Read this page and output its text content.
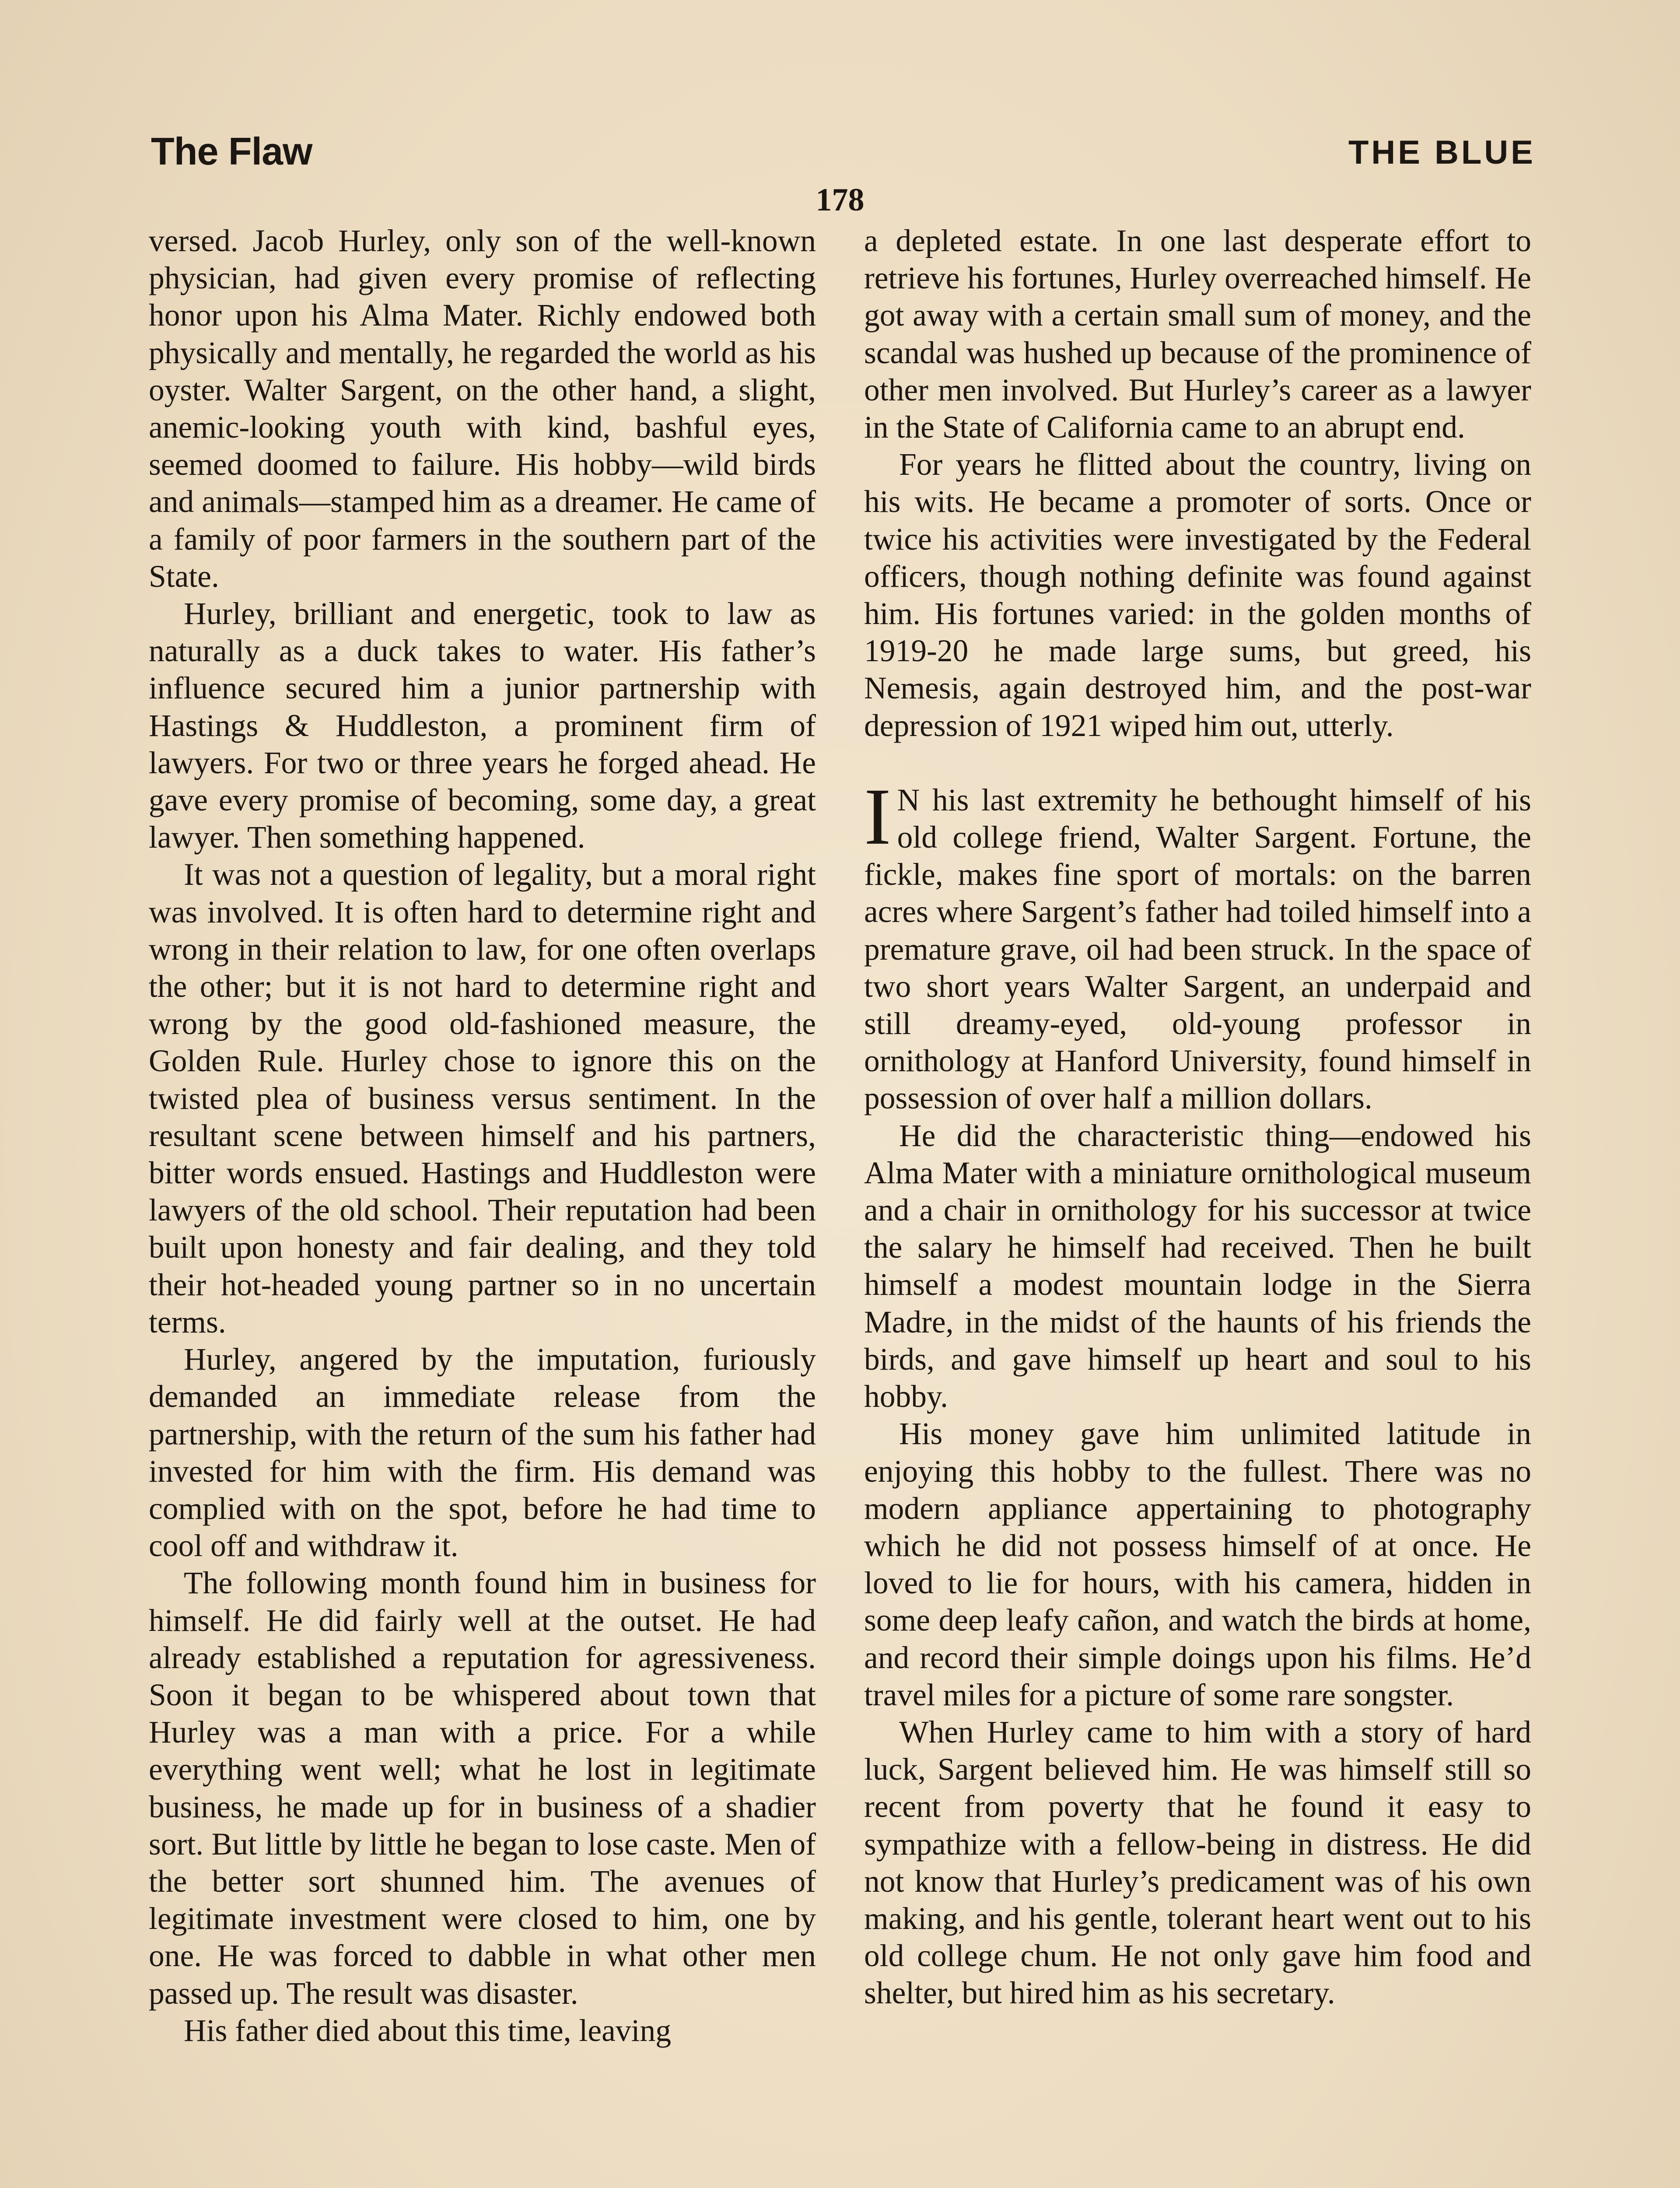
The Flaw	THE BLUE
178

versed. Jacob Hurley, only son of the well-known physician, had given every promise of reflecting honor upon his Alma Mater. Richly endowed both physically and mentally, he regarded the world as his oyster. Walter Sargent, on the other hand, a slight, anemic-looking youth with kind, bashful eyes, seemed doomed to failure. His hobby—wild birds and animals—stamped him as a dreamer. He came of a family of poor farmers in the southern part of the State.

Hurley, brilliant and energetic, took to law as naturally as a duck takes to water. His father’s influence secured him a junior partnership with Hastings & Huddleston, a prominent firm of lawyers. For two or three years he forged ahead. He gave every promise of becoming, some day, a great lawyer. Then something happened.

It was not a question of legality, but a moral right was involved. It is often hard to determine right and wrong in their relation to law, for one often overlaps the other; but it is not hard to determine right and wrong by the good old-fashioned measure, the Golden Rule. Hurley chose to ignore this on the twisted plea of business versus sentiment. In the resultant scene between himself and his partners, bitter words ensued. Hastings and Huddleston were lawyers of the old school. Their reputation had been built upon honesty and fair dealing, and they told their hot-headed young partner so in no uncertain terms.

Hurley, angered by the imputation, furiously demanded an immediate release from the partnership, with the return of the sum his father had invested for him with the firm. His demand was complied with on the spot, before he had time to cool off and withdraw it.

The following month found him in business for himself. He did fairly well at the outset. He had already established a reputation for agressiveness. Soon it began to be whispered about town that Hurley was a man with a price. For a while everything went well; what he lost in legitimate business, he made up for in business of a shadier sort. But little by little he began to lose caste. Men of the better sort shunned him. The avenues of legitimate investment were closed to him, one by one. He was forced to dabble in what other men passed up. The result was disaster.

His father died about this time, leaving

a depleted estate. In one last desperate effort to retrieve his fortunes, Hurley overreached himself. He got away with a certain small sum of money, and the scandal was hushed up because of the prominence of other men involved. But Hurley’s career as a lawyer in the State of California came to an abrupt end.

For years he flitted about the country, living on his wits. He became a promoter of sorts. Once or twice his activities were investigated by the Federal officers, though nothing definite was found against him. His fortunes varied: in the golden months of 1919-20 he made large sums, but greed, his Nemesis, again destroyed him, and the post-war depression of 1921 wiped him out, utterly.

I N his last extremity he bethought himself of his old college friend, Walter Sargent. Fortune, the fickle, makes fine sport of mortals: on the barren acres where Sargent’s father had toiled himself into a premature grave, oil had been struck. In the space of two short years Walter Sargent, an underpaid and still dreamy-eyed, old-young professor in ornithology at Hanford University, found himself in possession of over half a million dollars.

He did the characteristic thing—endowed his Alma Mater with a miniature ornithological museum and a chair in ornithology for his successor at twice the salary he himself had received. Then he built himself a modest mountain lodge in the Sierra Madre, in the midst of the haunts of his friends the birds, and gave himself up heart and soul to his hobby.

His money gave him unlimited latitude in enjoying this hobby to the fullest. There was no modern appliance appertaining to photography which he did not possess himself of at once. He loved to lie for hours, with his camera, hidden in some deep leafy cañon, and watch the birds at home, and record their simple doings upon his films. He’d travel miles for a picture of some rare songster.

When Hurley came to him with a story of hard luck, Sargent believed him. He was himself still so recent from poverty that he found it easy to sympathize with a fellow-being in distress. He did not know that Hurley’s predicament was of his own making, and his gentle, tolerant heart went out to his old college chum. He not only gave him food and shelter, but hired him as his secretary.
